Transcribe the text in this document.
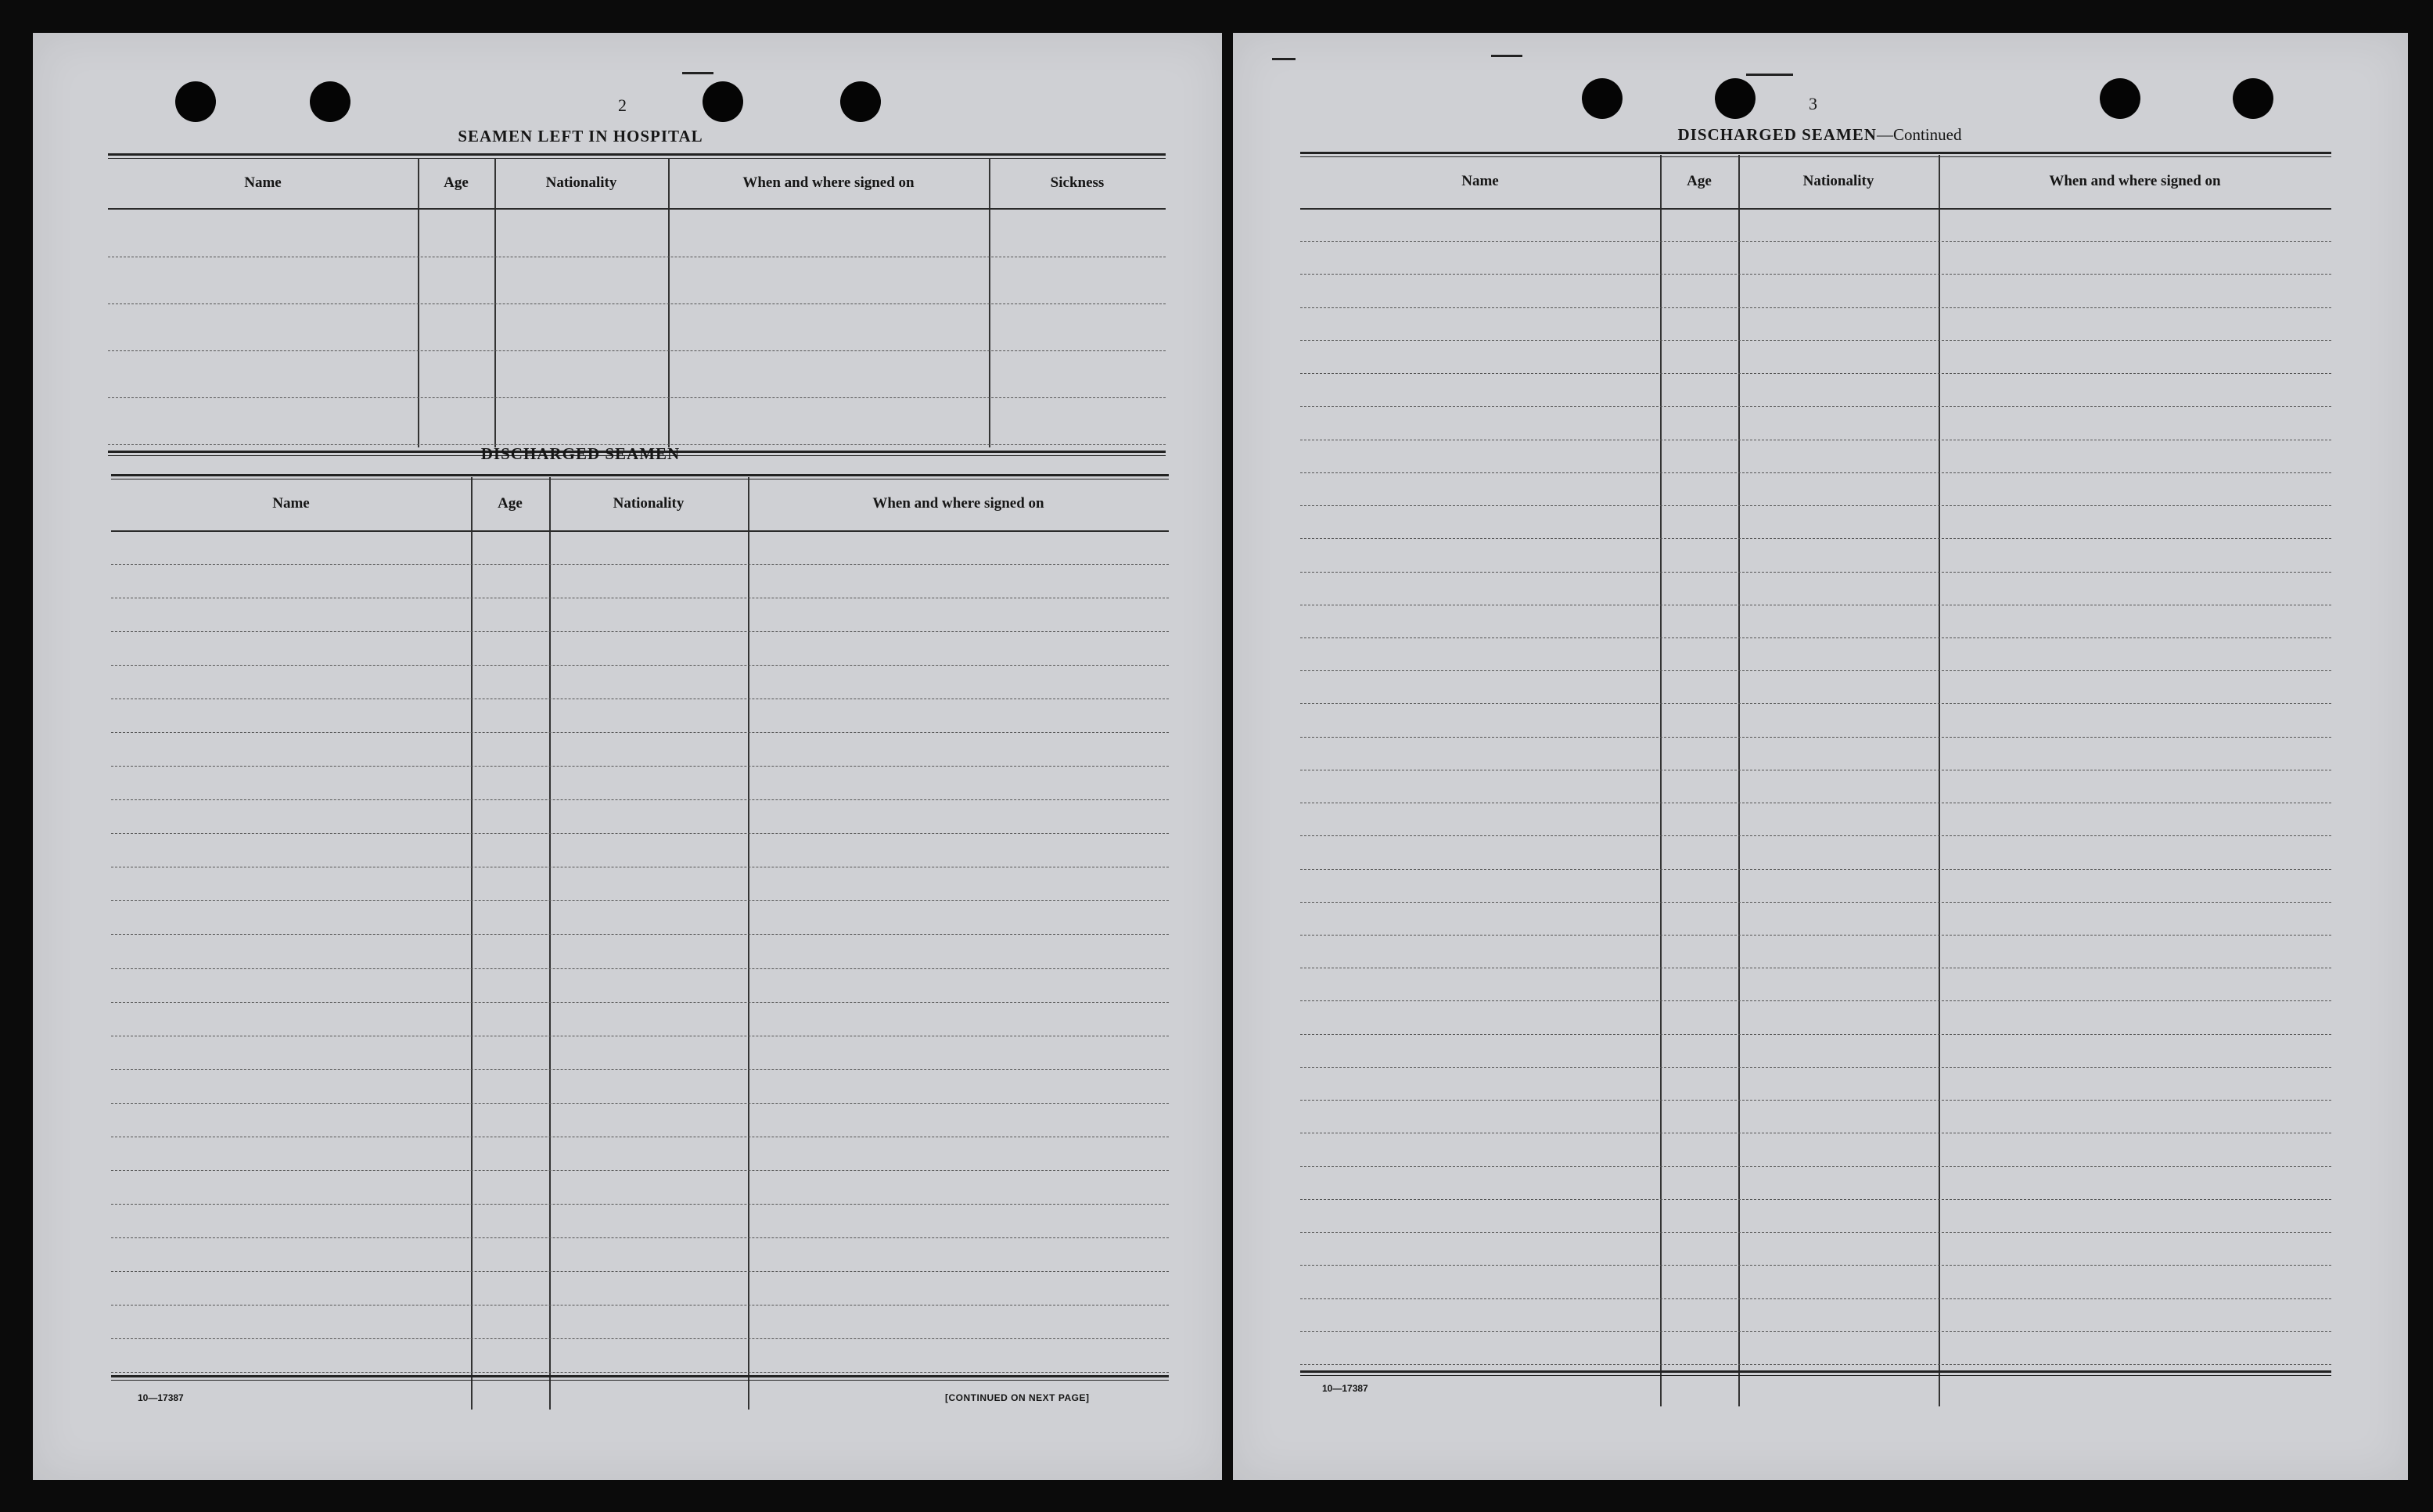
2
SEAMEN LEFT IN HOSPITAL
Name	Age	Nationality	When and where signed on	Sickness
DISCHARGED SEAMEN
Name	Age	Nationality	When and where signed on
10—17387	[CONTINUED ON NEXT PAGE]
3
DISCHARGED SEAMEN—Continued
Name	Age	Nationality	When and where signed on
10—17387
